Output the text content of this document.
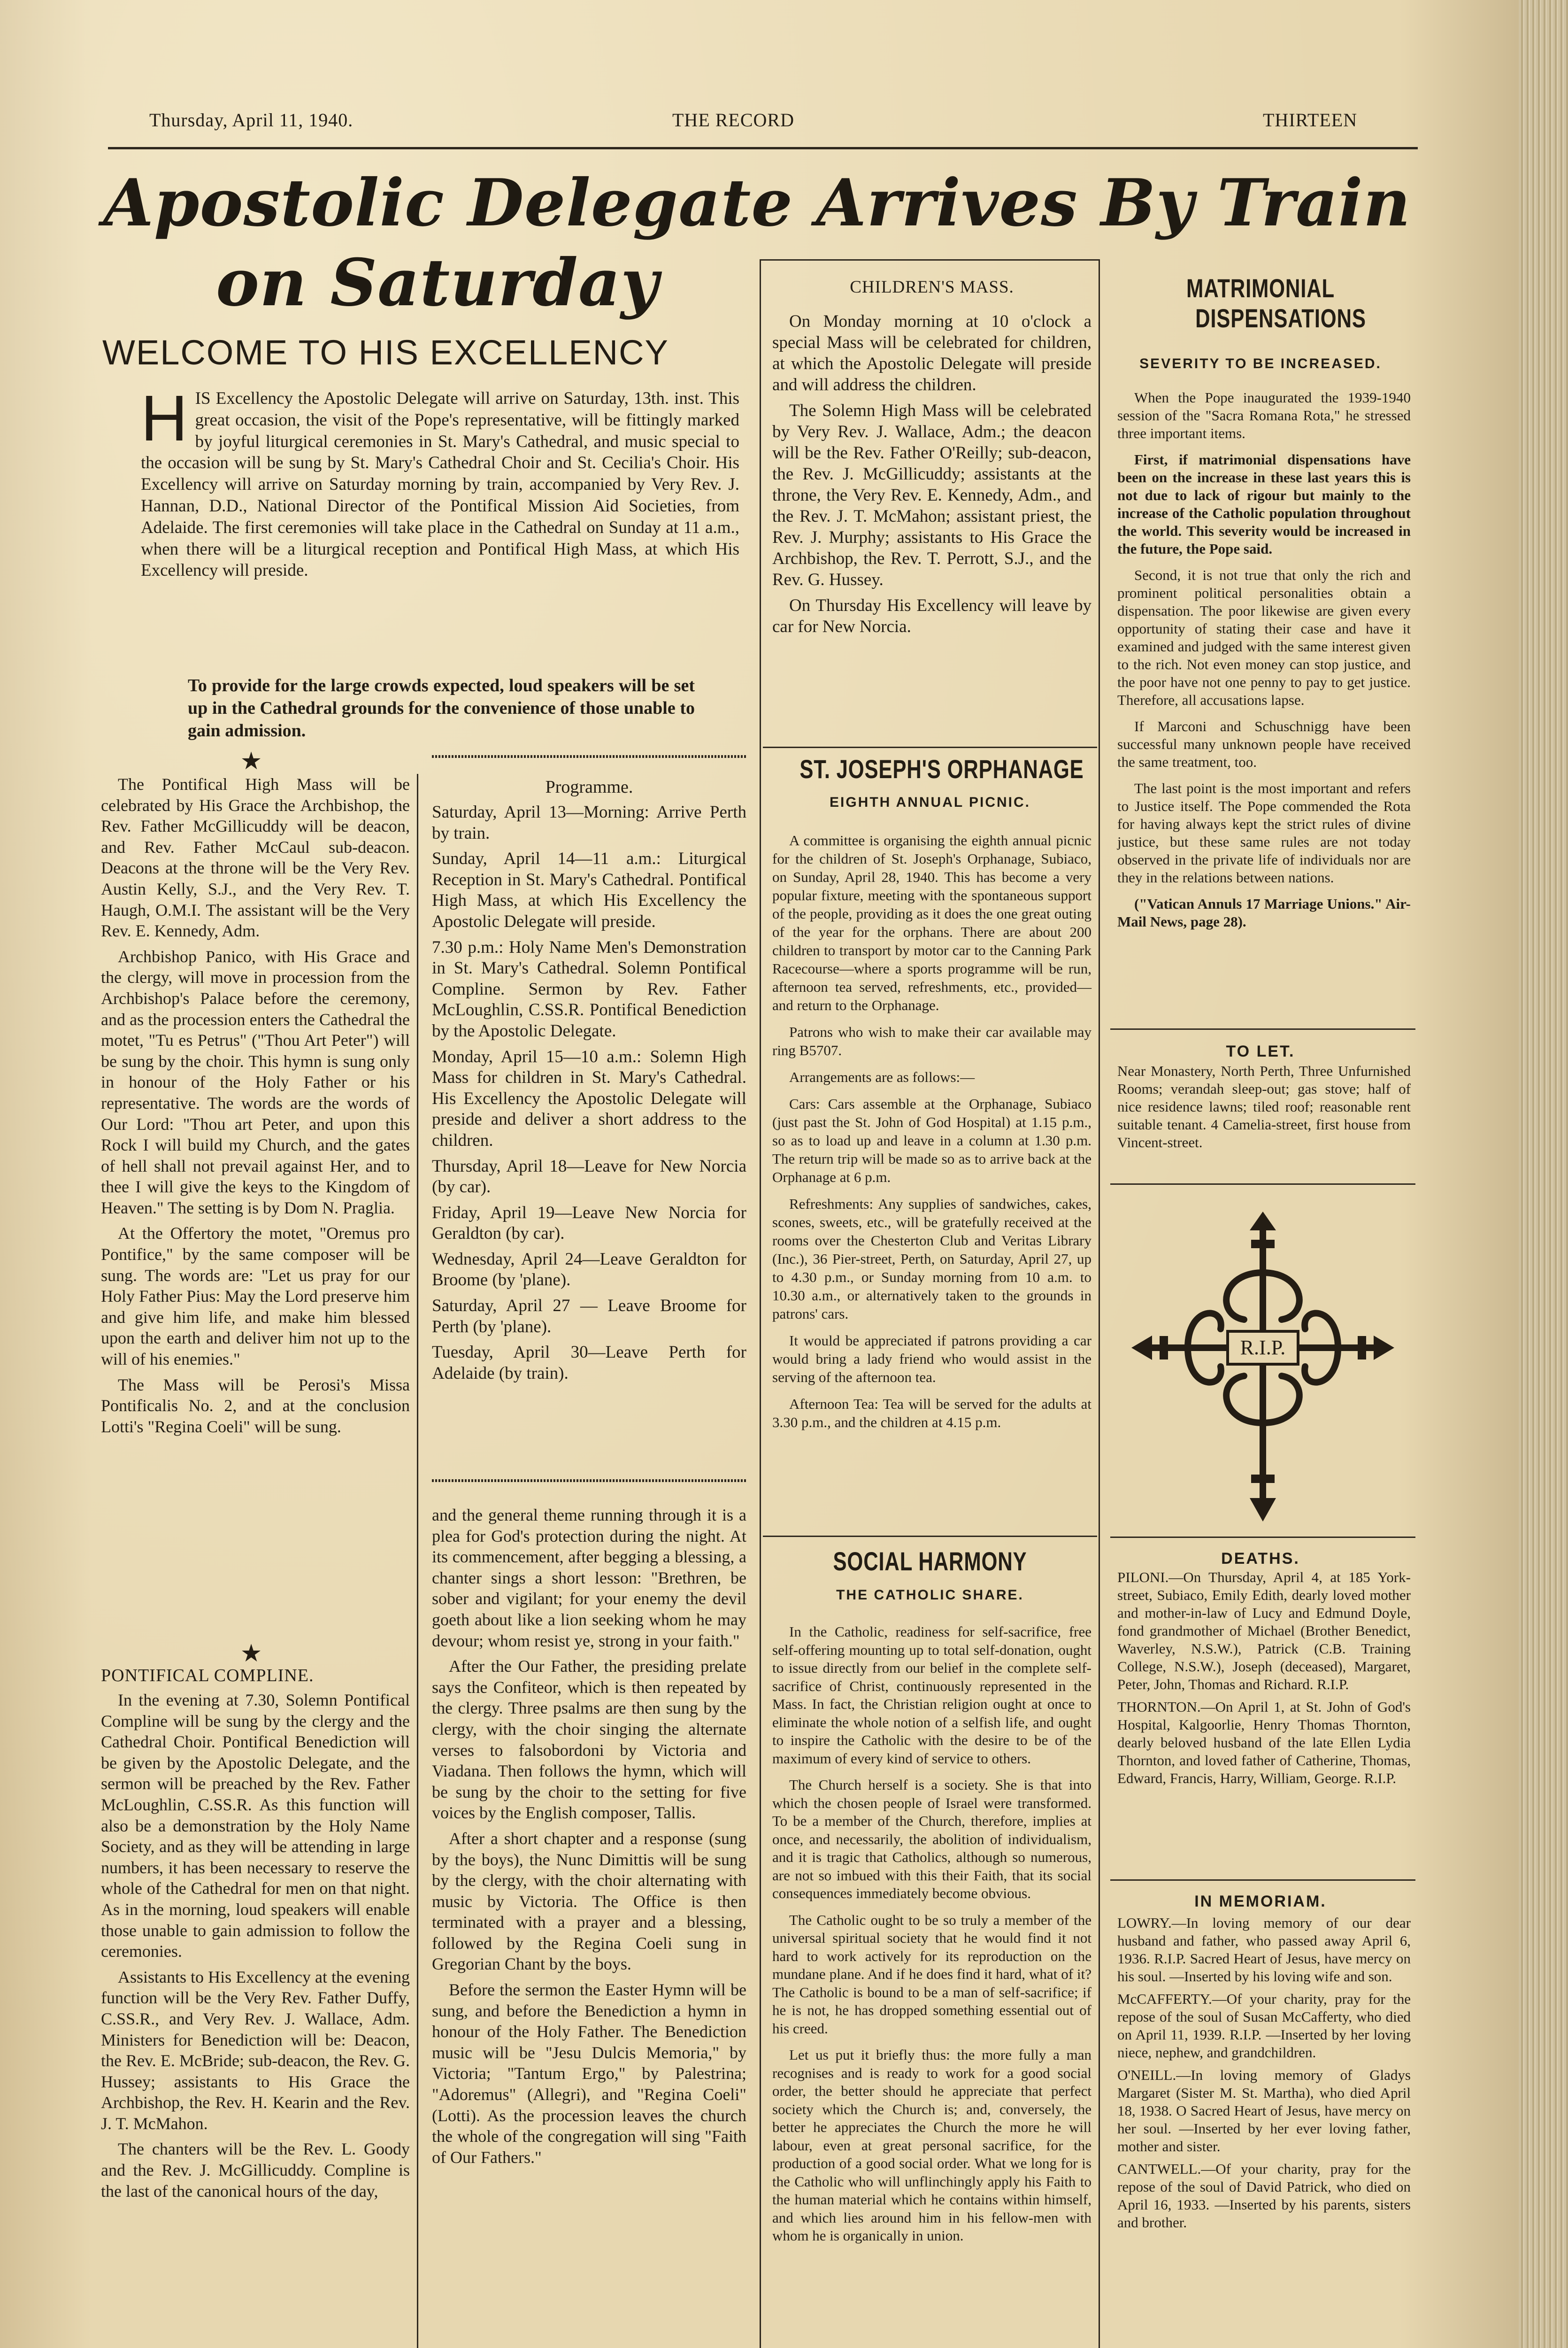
Thursday, April 11, 1940.	THE RECORD	THIRTEEN
Apostolic Delegate Arrives By Train
on Saturday
WELCOME TO HIS EXCELLENCY
H IS Excellency the Apostolic Delegate will arrive on Saturday, 13th. inst. This great occasion, the visit of the Pope's representative, will be fittingly marked by joyful liturgical ceremonies in St. Mary's Cathedral, and music special to the occasion will be sung by St. Mary's Cathedral Choir and St. Cecilia's Choir. His Excellency will arrive on Saturday morning by train, accompanied by Very Rev. J. Hannan, D.D., National Director of the Pontifical Mission Aid Societies, from Adelaide. The first ceremonies will take place in the Cathedral on Sunday at 11 a.m., when there will be a liturgical reception and Pontifical High Mass, at which His Excellency will preside.
To provide for the large crowds expected, loud speakers will be set up in the Cathedral grounds for the convenience of those unable to gain admission.
★

The Pontifical High Mass will be celebrated by His Grace the Archbishop, the Rev. Father McGillicuddy will be deacon, and Rev. Father McCaul sub-deacon. Deacons at the throne will be the Very Rev. Austin Kelly, S.J., and the Very Rev. T. Haugh, O.M.I. The assistant will be the Very Rev. E. Kennedy, Adm.

Archbishop Panico, with His Grace and the clergy, will move in procession from the Archbishop's Palace before the ceremony, and as the procession enters the Cathedral the motet, "Tu es Petrus" ("Thou Art Peter") will be sung by the choir. This hymn is sung only in honour of the Holy Father or his representative. The words are the words of Our Lord: "Thou art Peter, and upon this Rock I will build my Church, and the gates of hell shall not prevail against Her, and to thee I will give the keys to the Kingdom of Heaven." The setting is by Dom N. Praglia.

At the Offertory the motet, "Oremus pro Pontifice," by the same composer will be sung. The words are: "Let us pray for our Holy Father Pius: May the Lord preserve him and give him life, and make him blessed upon the earth and deliver him not up to the will of his enemies."

The Mass will be Perosi's Missa Pontificalis No. 2, and at the conclusion Lotti's "Regina Coeli" will be sung.

★
PONTIFICAL COMPLINE.

In the evening at 7.30, Solemn Pontifical Compline will be sung by the clergy and the Cathedral Choir. Pontifical Benediction will be given by the Apostolic Delegate, and the sermon will be preached by the Rev. Father McLoughlin, C.SS.R. As this function will also be a demonstration by the Holy Name Society, and as they will be attending in large numbers, it has been necessary to reserve the whole of the Cathedral for men on that night. As in the morning, loud speakers will enable those unable to gain admission to follow the ceremonies.

Assistants to His Excellency at the evening function will be the Very Rev. Father Duffy, C.SS.R., and Very Rev. J. Wallace, Adm. Ministers for Benediction will be: Deacon, the Rev. E. McBride; sub-deacon, the Rev. G. Hussey; assistants to His Grace the Archbishop, the Rev. H. Kearin and the Rev. J. T. McMahon.

The chanters will be the Rev. L. Goody and the Rev. J. McGillicuddy. Compline is the last of the canonical hours of the day,

Programme.

Saturday, April 13—Morning: Arrive Perth by train.

Sunday, April 14—11 a.m.: Liturgical Reception in St. Mary's Cathedral. Pontifical High Mass, at which His Excellency the Apostolic Delegate will preside.

7.30 p.m.: Holy Name Men's Demonstration in St. Mary's Cathedral. Solemn Pontifical Compline. Sermon by Rev. Father McLoughlin, C.SS.R. Pontifical Benediction by the Apostolic Delegate.

Monday, April 15—10 a.m.: Solemn High Mass for children in St. Mary's Cathedral. His Excellency the Apostolic Delegate will preside and deliver a short address to the children.

Thursday, April 18—Leave for New Norcia (by car).

Friday, April 19—Leave New Norcia for Geraldton (by car).

Wednesday, April 24—Leave Geraldton for Broome (by 'plane).

Saturday, April 27 — Leave Broome for Perth (by 'plane).

Tuesday, April 30—Leave Perth for Adelaide (by train).

and the general theme running through it is a plea for God's protection during the night. At its commencement, after begging a blessing, a chanter sings a short lesson: "Brethren, be sober and vigilant; for your enemy the devil goeth about like a lion seeking whom he may devour; whom resist ye, strong in your faith."

After the Our Father, the presiding prelate says the Confiteor, which is then repeated by the clergy. Three psalms are then sung by the clergy, with the choir singing the alternate verses to falsobordoni by Victoria and Viadana. Then follows the hymn, which will be sung by the choir to the setting for five voices by the English composer, Tallis.

After a short chapter and a response (sung by the boys), the Nunc Dimittis will be sung by the clergy, with the choir alternating with music by Victoria. The Office is then terminated with a prayer and a blessing, followed by the Regina Coeli sung in Gregorian Chant by the boys.

Before the sermon the Easter Hymn will be sung, and before the Benediction a hymn in honour of the Holy Father. The Benediction music will be "Jesu Dulcis Memoria," by Victoria; "Tantum Ergo," by Palestrina; "Adoremus" (Allegri), and "Regina Coeli" (Lotti). As the procession leaves the church the whole of the congregation will sing "Faith of Our Fathers."

CHILDREN'S MASS.

On Monday morning at 10 o'clock a special Mass will be celebrated for children, at which the Apostolic Delegate will preside and will address the children.

The Solemn High Mass will be celebrated by Very Rev. J. Wallace, Adm.; the deacon will be the Rev. Father O'Reilly; sub-deacon, the Rev. J. McGillicuddy; assistants at the throne, the Very Rev. E. Kennedy, Adm., and the Rev. J. T. McMahon; assistant priest, the Rev. J. Murphy; assistants to His Grace the Archbishop, the Rev. T. Perrott, S.J., and the Rev. G. Hussey.

On Thursday His Excellency will leave by car for New Norcia.

ST. JOSEPH'S ORPHANAGE
EIGHTH ANNUAL PICNIC.

A committee is organising the eighth annual picnic for the children of St. Joseph's Orphanage, Subiaco, on Sunday, April 28, 1940. This has become a very popular fixture, meeting with the spontaneous support of the people, providing as it does the one great outing of the year for the orphans. There are about 200 children to transport by motor car to the Canning Park Racecourse—where a sports programme will be run, afternoon tea served, refreshments, etc., provided—and return to the Orphanage.

Patrons who wish to make their car available may ring B5707.

Arrangements are as follows:—

Cars: Cars assemble at the Orphanage, Subiaco (just past the St. John of God Hospital) at 1.15 p.m., so as to load up and leave in a column at 1.30 p.m. The return trip will be made so as to arrive back at the Orphanage at 6 p.m.

Refreshments: Any supplies of sandwiches, cakes, scones, sweets, etc., will be gratefully received at the rooms over the Chesterton Club and Veritas Library (Inc.), 36 Pier-street, Perth, on Saturday, April 27, up to 4.30 p.m., or Sunday morning from 10 a.m. to 10.30 a.m., or alternatively taken to the grounds in patrons' cars.

It would be appreciated if patrons providing a car would bring a lady friend who would assist in the serving of the afternoon tea.

Afternoon Tea: Tea will be served for the adults at 3.30 p.m., and the children at 4.15 p.m.

SOCIAL HARMONY
THE CATHOLIC SHARE.

In the Catholic, readiness for self-sacrifice, free self-offering mounting up to total self-donation, ought to issue directly from our belief in the complete self-sacrifice of Christ, continuously represented in the Mass. In fact, the Christian religion ought at once to eliminate the whole notion of a selfish life, and ought to inspire the Catholic with the desire to be of the maximum of every kind of service to others.

The Church herself is a society. She is that into which the chosen people of Israel were transformed. To be a member of the Church, therefore, implies at once, and necessarily, the abolition of individualism, and it is tragic that Catholics, although so numerous, are not so imbued with this their Faith, that its social consequences immediately become obvious.

The Catholic ought to be so truly a member of the universal spiritual society that he would find it not hard to work actively for its reproduction on the mundane plane. And if he does find it hard, what of it? The Catholic is bound to be a man of self-sacrifice; if he is not, he has dropped something essential out of his creed.

Let us put it briefly thus: the more fully a man recognises and is ready to work for a good social order, the better should he appreciate that perfect society which the Church is; and, conversely, the better he appreciates the Church the more he will labour, even at great personal sacrifice, for the production of a good social order. What we long for is the Catholic who will unflinchingly apply his Faith to the human material which he contains within himself, and which lies around him in his fellow-men with whom he is organically in union.

MATRIMONIAL
DISPENSATIONS
SEVERITY TO BE INCREASED.

When the Pope inaugurated the 1939-1940 session of the "Sacra Romana Rota," he stressed three important items.

First, if matrimonial dispensations have been on the increase in these last years this is not due to lack of rigour but mainly to the increase of the Catholic population throughout the world. This severity would be increased in the future, the Pope said.

Second, it is not true that only the rich and prominent political personalities obtain a dispensation. The poor likewise are given every opportunity of stating their case and have it examined and judged with the same interest given to the rich. Not even money can stop justice, and the poor have not one penny to pay to get justice. Therefore, all accusations lapse.

If Marconi and Schuschnigg have been successful many unknown people have received the same treatment, too.

The last point is the most important and refers to Justice itself. The Pope commended the Rota for having always kept the strict rules of divine justice, but these same rules are not today observed in the private life of individuals nor are they in the relations between nations.

("Vatican Annuls 17 Marriage Unions." Air-Mail News, page 28).

TO LET.

Near Monastery, North Perth, Three Unfurnished Rooms; verandah sleep-out; gas stove; half of nice residence lawns; tiled roof; reasonable rent suitable tenant. 4 Camelia-street, first house from Vincent-street.

R.I.P.
DEATHS.

PILONI.—On Thursday, April 4, at 185 York-street, Subiaco, Emily Edith, dearly loved mother and mother-in-law of Lucy and Edmund Doyle, fond grandmother of Michael (Brother Benedict, Waverley, N.S.W.), Patrick (C.B. Training College, N.S.W.), Joseph (deceased), Margaret, Peter, John, Thomas and Richard. R.I.P.

THORNTON.—On April 1, at St. John of God's Hospital, Kalgoorlie, Henry Thomas Thornton, dearly beloved husband of the late Ellen Lydia Thornton, and loved father of Catherine, Thomas, Edward, Francis, Harry, William, George. R.I.P.

IN MEMORIAM.

LOWRY.—In loving memory of our dear husband and father, who passed away April 6, 1936. R.I.P. Sacred Heart of Jesus, have mercy on his soul. —Inserted by his loving wife and son.

McCAFFERTY.—Of your charity, pray for the repose of the soul of Susan McCafferty, who died on April 11, 1939. R.I.P. —Inserted by her loving niece, nephew, and grandchildren.

O'NEILL.—In loving memory of Gladys Margaret (Sister M. St. Martha), who died April 18, 1938. O Sacred Heart of Jesus, have mercy on her soul. —Inserted by her ever loving father, mother and sister.

CANTWELL.—Of your charity, pray for the repose of the soul of David Patrick, who died on April 16, 1933. —Inserted by his parents, sisters and brother.
